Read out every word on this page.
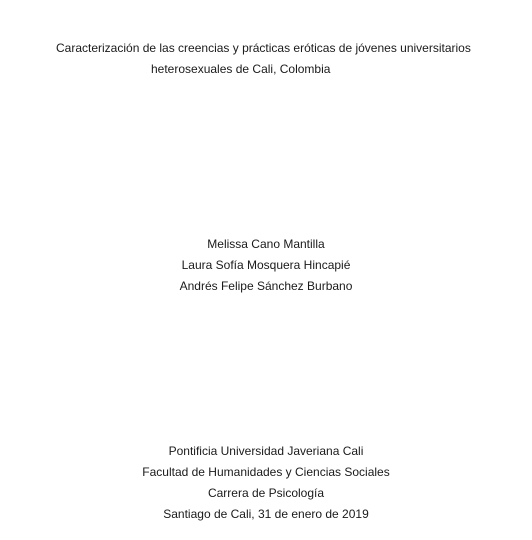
Caracterización de las creencias y prácticas eróticas de jóvenes universitarios
heterosexuales de Cali, Colombia
Melissa Cano Mantilla
Laura Sofía Mosquera Hincapié
Andrés Felipe Sánchez Burbano
Pontificia Universidad Javeriana Cali
Facultad de Humanidades y Ciencias Sociales
Carrera de Psicología
Santiago de Cali, 31 de enero de 2019
